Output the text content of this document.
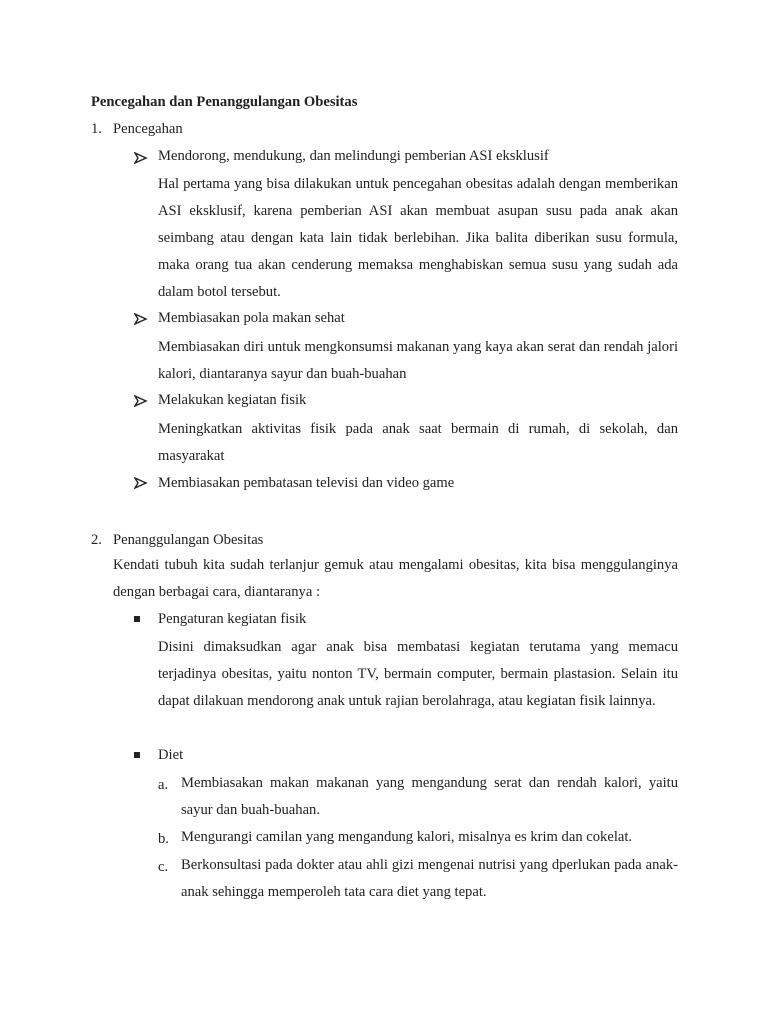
Pencegahan dan Penanggulangan Obesitas
1. Pencegahan
Mendorong, mendukung, dan melindungi pemberian ASI eksklusif
Hal pertama yang bisa dilakukan untuk pencegahan obesitas adalah dengan memberikan ASI eksklusif, karena pemberian ASI akan membuat asupan susu pada anak akan seimbang atau dengan kata lain tidak berlebihan. Jika balita diberikan susu formula, maka orang tua akan cenderung memaksa menghabiskan semua susu yang sudah ada dalam botol tersebut.
Membiasakan pola makan sehat
Membiasakan diri untuk mengkonsumsi makanan yang kaya akan serat dan rendah jalori kalori, diantaranya sayur dan buah-buahan
Melakukan kegiatan fisik
Meningkatkan aktivitas fisik pada anak saat bermain di rumah, di sekolah, dan masyarakat
Membiasakan pembatasan televisi dan video game
2. Penanggulangan Obesitas
Kendati tubuh kita sudah terlanjur gemuk atau mengalami obesitas, kita bisa menggulanginya dengan berbagai cara, diantaranya :
Pengaturan kegiatan fisik
Disini dimaksudkan agar anak bisa membatasi kegiatan terutama yang memacu terjadinya obesitas, yaitu nonton TV, bermain computer, bermain plastasion. Selain itu dapat dilakuan mendorong anak untuk rajian berolahraga, atau kegiatan fisik lainnya.
Diet
a. Membiasakan makan makanan yang mengandung serat dan rendah kalori, yaitu sayur dan buah-buahan.
b. Mengurangi camilan yang mengandung kalori, misalnya es krim dan cokelat.
c. Berkonsultasi pada dokter atau ahli gizi mengenai nutrisi yang dperlukan pada anak-anak sehingga memperoleh tata cara diet yang tepat.
